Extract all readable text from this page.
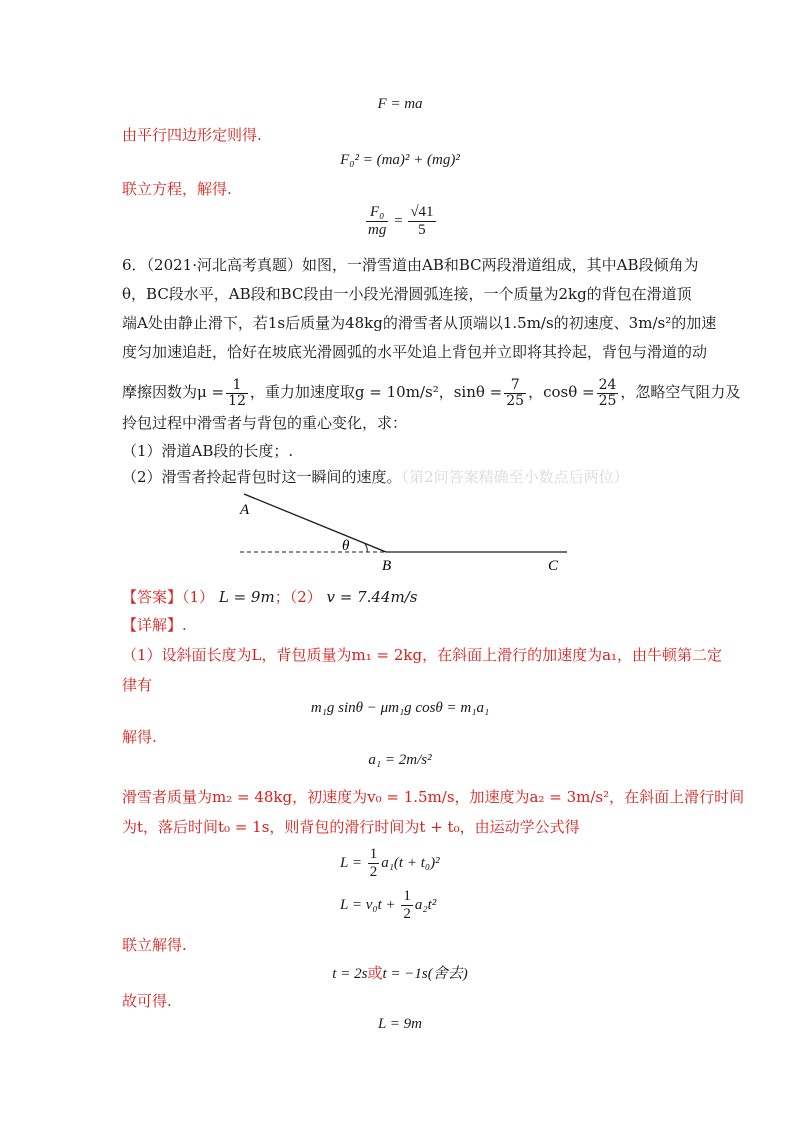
F = ma
由平行四边形定则得.
F₀² = (ma)² + (mg)²
联立方程，解得.
$\frac{\text{F₀}}{mg} = \frac{√41}{5}$
6．（2021·河北高考真题）如图，一滑雪道由AB和BC两段滑道组成，其中AB段倾角为
θ，BC段水平，AB段和BC段由一小段光滑圆弧连接，一个质量为2kg的背包在滑道顶
端A处由静止滑下，若1s后质量为48kg的滑雪者从顶端以1.5m/s的初速度、3m/s²的加速
度匀加速追赶，恰好在坡底光滑圆弧的水平处追上背包并立即将其拎起，背包与滑道的动
摩擦因数为$\mu = \frac{1}{12}$ ，重力加速度取g = 10m/s²，$\sin\theta = \frac{7}{25}$ ，$\cos\theta = \frac{24}{25}$ ，忽略空气阻力及
拎包过程中滑雪者与背包的重心变化，求：
（1）滑道AB段的长度；.
（2）滑雪者拎起背包时这一瞬间的速度。（第2问答案精确至小数点后两位）
A
θ
B	C
【答案】（1） L = 9m；（2） v = 7.44m/s
【详解】.
（1）设斜面长度为L，背包质量为m₁ = 2kg，在斜面上滑行的加速度为a₁，由牛顿第二定
律有
m₁g sinθ − μm₁g cosθ = m₁a₁
解得.
a₁ = 2m/s²
滑雪者质量为m₂ = 48kg，初速度为v₀ = 1.5m/s，加速度为a₂ = 3m/s²，在斜面上滑行时间
为t，落后时间t₀ = 1s，则背包的滑行时间为t + t₀，由运动学公式得
$L = \frac{1}{2} a_1(t + t_0)^2$
$L = v_0t + \frac{1}{2} a_2t^2$
联立解得.
t = 2s或t = −1s(舍去)
故可得.
L = 9m
